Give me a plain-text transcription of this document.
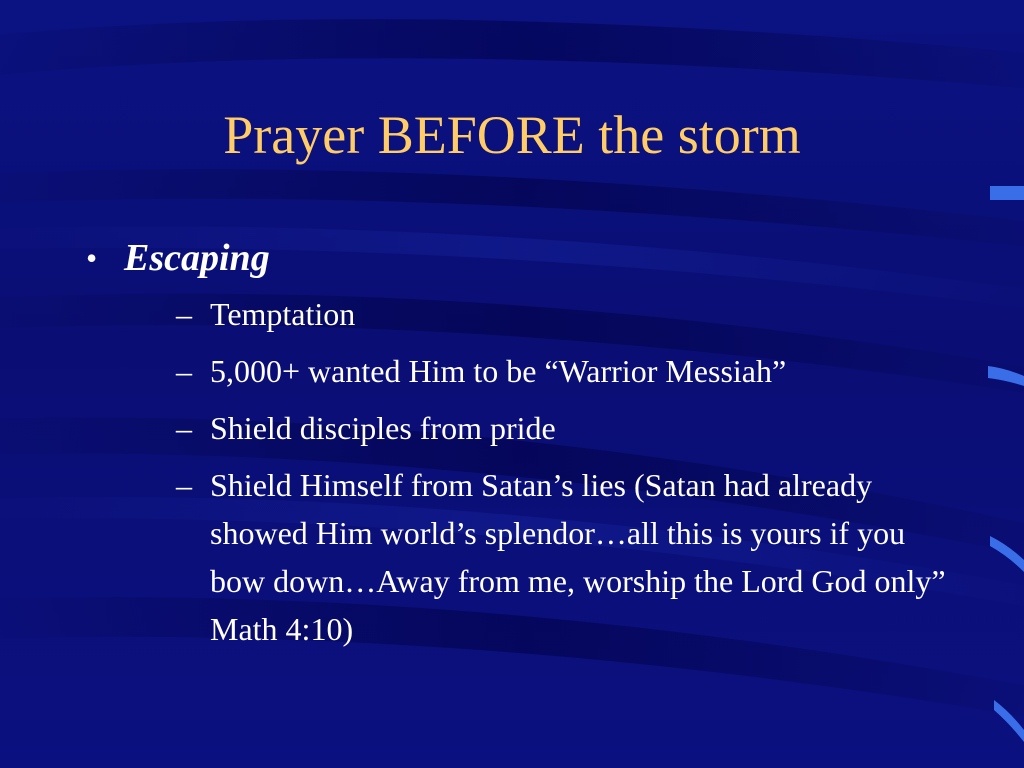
Prayer BEFORE the storm
• Escaping
– Temptation
– 5,000+ wanted Him to be “Warrior Messiah”
– Shield disciples from pride
– Shield Himself from Satan’s lies (Satan had already showed Him world’s splendor…all this is yours if you bow down…Away from me, worship the Lord God only” Math 4:10)
